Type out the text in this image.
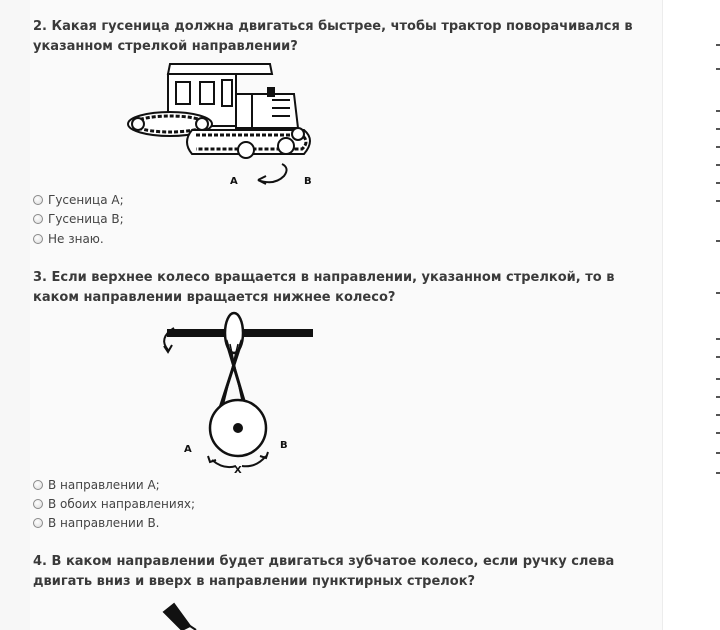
2. Какая гусеница должна двигаться быстрее, чтобы трактор поворачивался в указанном стрелкой направлении?
А	В
Гусеница А;
Гусеница В;
Не знаю.
3. Если верхнее колесо вращается в направлении, указанном стрелкой, то в каком направлении вращается нижнее колесо?
А	В
Х
В направлении А;
В обоих направлениях;
В направлении В.
4. В каком направлении будет двигаться зубчатое колесо, если ручку слева двигать вниз и вверх в направлении пунктирных стрелок?
